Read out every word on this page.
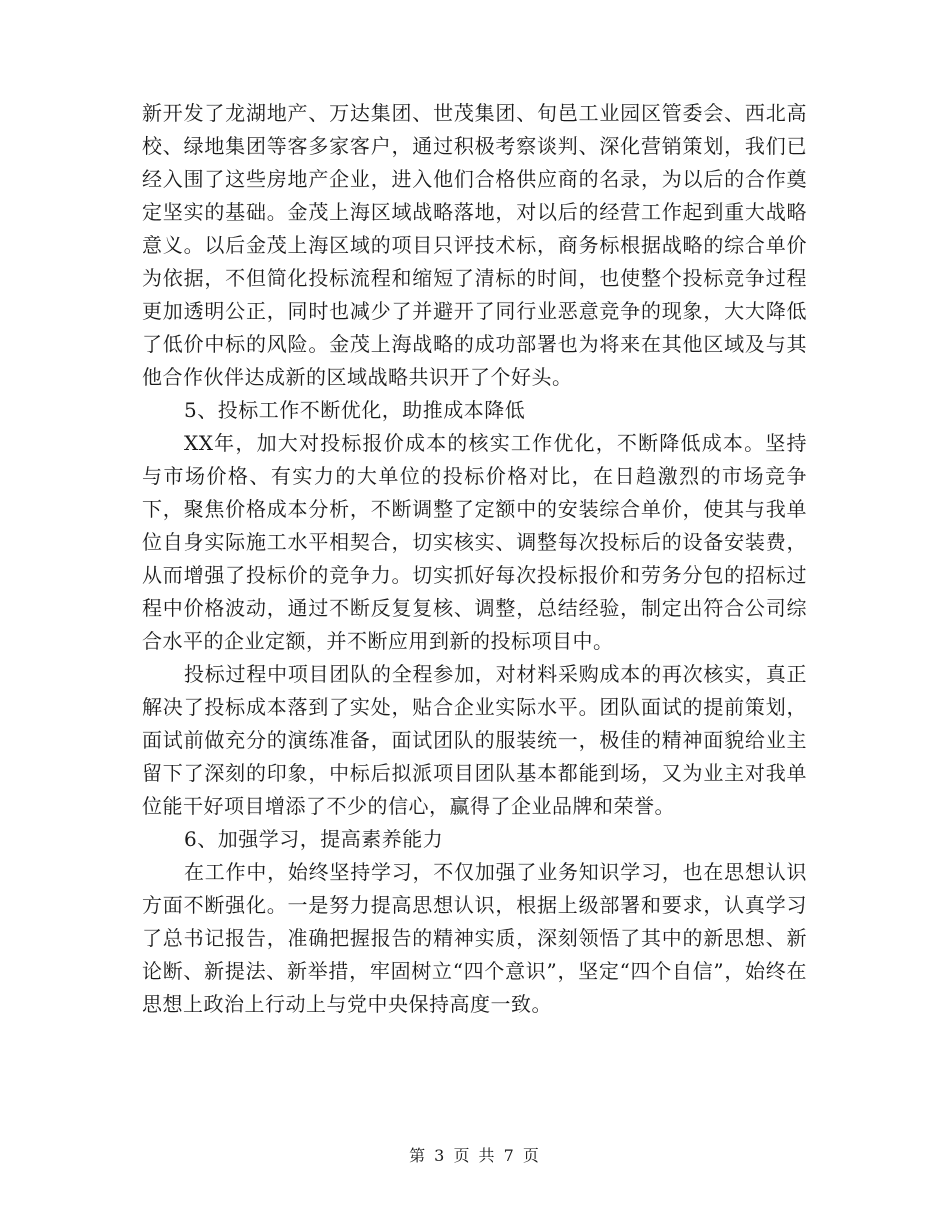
新开发了龙湖地产、万达集团、世茂集团、旬邑工业园区管委会、西北高校、绿地集团等客多家客户，通过积极考察谈判、深化营销策划，我们已经入围了这些房地产企业，进入他们合格供应商的名录，为以后的合作奠定坚实的基础。金茂上海区域战略落地，对以后的经营工作起到重大战略意义。以后金茂上海区域的项目只评技术标，商务标根据战略的综合单价为依据，不但简化投标流程和缩短了清标的时间，也使整个投标竞争过程更加透明公正，同时也减少了并避开了同行业恶意竞争的现象，大大降低了低价中标的风险。金茂上海战略的成功部署也为将来在其他区域及与其他合作伙伴达成新的区域战略共识开了个好头。

5、投标工作不断优化，助推成本降低

XX年，加大对投标报价成本的核实工作优化，不断降低成本。坚持与市场价格、有实力的大单位的投标价格对比，在日趋激烈的市场竞争下，聚焦价格成本分析，不断调整了定额中的安装综合单价，使其与我单位自身实际施工水平相契合，切实核实、调整每次投标后的设备安装费，从而增强了投标价的竞争力。切实抓好每次投标报价和劳务分包的招标过程中价格波动，通过不断反复复核、调整，总结经验，制定出符合公司综合水平的企业定额，并不断应用到新的投标项目中。

投标过程中项目团队的全程参加，对材料采购成本的再次核实，真正解决了投标成本落到了实处，贴合企业实际水平。团队面试的提前策划，面试前做充分的演练准备，面试团队的服装统一，极佳的精神面貌给业主留下了深刻的印象，中标后拟派项目团队基本都能到场，又为业主对我单位能干好项目增添了不少的信心，赢得了企业品牌和荣誉。

6、加强学习，提高素养能力

在工作中，始终坚持学习，不仅加强了业务知识学习，也在思想认识方面不断强化。一是努力提高思想认识，根据上级部署和要求，认真学习了总书记报告，准确把握报告的精神实质，深刻领悟了其中的新思想、新论断、新提法、新举措，牢固树立“四个意识”，坚定“四个自信”，始终在思想上政治上行动上与党中央保持高度一致。

第 3 页 共 7 页
